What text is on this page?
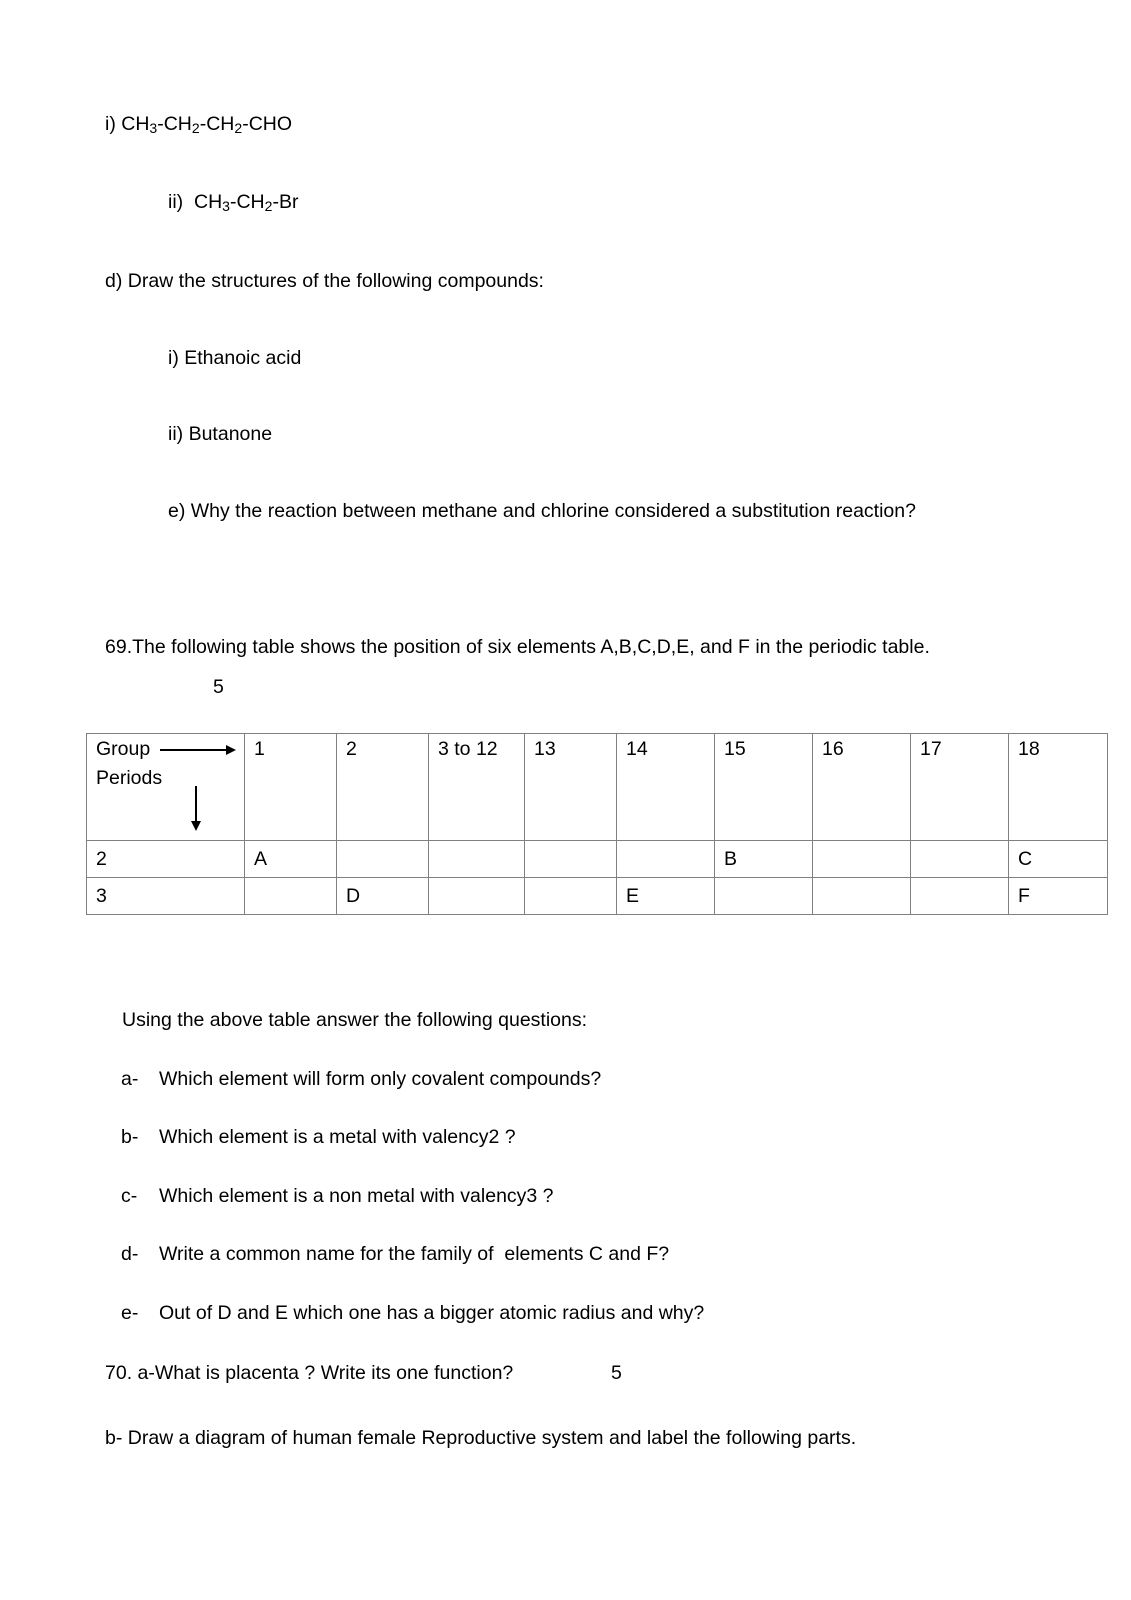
i) $CH_3-CH_2-CH_2$-CHO
ii)  $CH_3-CH_2-Br$
d) Draw the structures of the following compounds:
i) Ethanoic acid
ii) Butanone
e) Why the reaction between methane and chlorine considered a substitution reaction?
69.The following table shows the position of six elements A,B,C,D,E, and F in the periodic table.
5
Group
Periods	1	2	3 to 12	13	14	15	16	17	18
2	A					B			C
3		D			E				F
Using the above table answer the following questions:
a- Which element will form only covalent compounds?
b- Which element is a metal with valency2 ?
c- Which element is a non metal with valency3 ?
d- Write a common name for the family of  elements C and F?
e- Out of D and E which one has a bigger atomic radius and why?
70. a-What is placenta ? Write its one function?	5
b- Draw a diagram of human female Reproductive system and label the following parts.
